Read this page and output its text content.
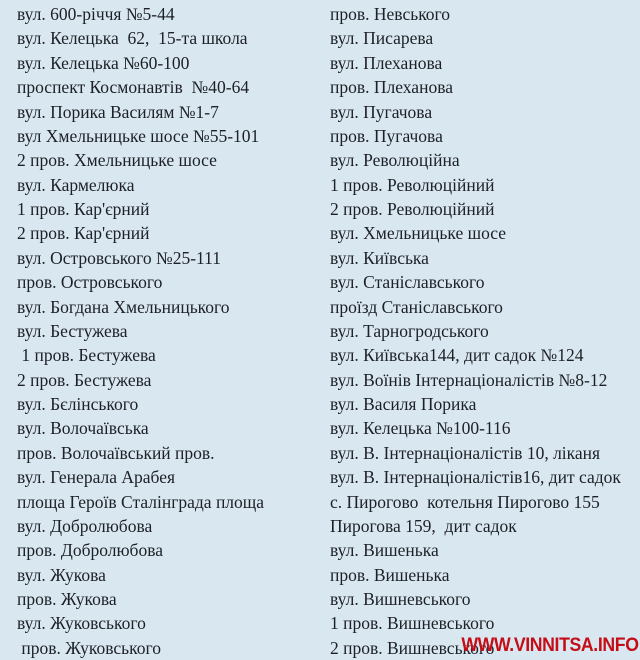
вул. 600-річчя №5-44
вул. Келецька  62,  15-та школа
вул. Келецька №60-100
проспект Космонавтів  №40-64
вул. Порика Василям №1-7
вул Хмельницьке шосе №55-101
2 пров. Хмельницьке шосе
вул. Кармелюка
1 пров. Кар'єрний
2 пров. Кар'єрний
вул. Островського №25-111
пров. Островського
вул. Богдана Хмельницького
вул. Бестужева
1 пров. Бестужева
2 пров. Бестужева
вул. Бєлінського
вул. Волочаївська
пров. Волочаївський пров.
вул. Генерала Арабея
площа Героїв Сталінграда площа
вул. Добролюбова
пров. Добролюбова
вул. Жукова
пров. Жукова
вул. Жуковського
пров. Жуковського
пров. Невського
вул. Писарева
вул. Плеханова
пров. Плеханова
вул. Пугачова
пров. Пугачова
вул. Революційна
1 пров. Революційний
2 пров. Революційний
вул. Хмельницьке шосе
вул. Київська
вул. Станіславського
проїзд Станіславського
вул. Тарногродського
вул. Київська144, дит садок №124
вул. Воїнів Інтернаціоналістів №8-12
вул. Василя Порика
вул. Келецька №100-116
вул. В. Інтернаціоналістів 10, ліканя
вул. В. Інтернаціоналістів16, дит садок
с. Пирогово  котельня Пирогово 155
Пирогова 159,  дит садок
вул. Вишенька
пров. Вишенька
вул. Вишневського
1 пров. Вишневського
2 пров. Вишневського
WWW.VINNITSA.INFO
